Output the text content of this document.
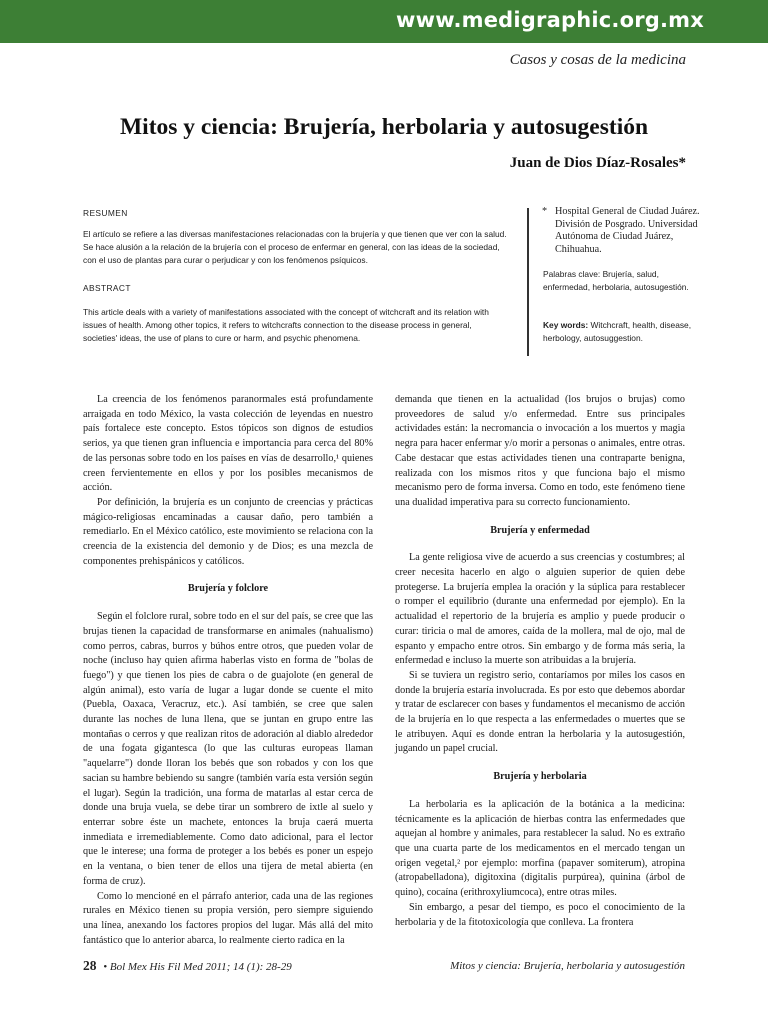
www.medigraphic.org.mx
Casos y cosas de la medicina
Mitos y ciencia: Brujería, herbolaria y autosugestión
Juan de Dios Díaz-Rosales*
RESUMEN
El artículo se refiere a las diversas manifestaciones relacionadas con la brujería y que tienen que ver con la salud. Se hace alusión a la relación de la brujería con el proceso de enfermar en general, con las ideas de la sociedad, con el uso de plantas para curar o perjudicar y con los fenómenos psíquicos.
ABSTRACT
This article deals with a variety of manifestations associated with the concept of witchcraft and its relation with issues of health. Among other topics, it refers to witchcrafts connection to the disease process in general, societies' ideas, the use of plans to cure or harm, and psychic phenomena.
* Hospital General de Ciudad Juárez. División de Posgrado. Universidad Autónoma de Ciudad Juárez, Chihuahua.
Palabras clave: Brujería, salud, enfermedad, herbolaria, autosugestión.
Key words: Witchcraft, health, disease, herbology, autosuggestion.

La creencia de los fenómenos paranormales está profundamente arraigada en todo México, la vasta colección de leyendas en nuestro país fortalece este concepto. Estos tópicos son dignos de estudios serios, ya que tienen gran influencia e importancia para cerca del 80% de las personas sobre todo en los países en vías de desarrollo,¹ quienes creen fervientemente en ellos y por los posibles mecanismos de acción.

Por definición, la brujería es un conjunto de creencias y prácticas mágico-religiosas encaminadas a causar daño, pero también a remediarlo. En el México católico, este movimiento se relaciona con la creencia de la existencia del demonio y de Dios; es una mezcla de componentes prehispánicos y católicos.

Brujería y folclore

Según el folclore rural, sobre todo en el sur del país, se cree que las brujas tienen la capacidad de transformarse en animales (nahualismo) como perros, cabras, burros y búhos entre otros, que pueden volar de noche (incluso hay quien afirma haberlas visto en forma de "bolas de fuego") y que tienen los pies de cabra o de guajolote (en general de algún animal), esto varía de lugar a lugar donde se cuente el mito (Puebla, Oaxaca, Veracruz, etc.). Así también, se cree que salen durante las noches de luna llena, que se juntan en grupo entre las montañas o cerros y que realizan ritos de adoración al diablo alrededor de una fogata gigantesca (lo que las culturas europeas llaman "aquelarre") donde lloran los bebés que son robados y con los que sacian su hambre bebiendo su sangre (también varía esta versión según el lugar). Según la tradición, una forma de matarlas al estar cerca de donde una bruja vuela, se debe tirar un sombrero de ixtle al suelo y enterrar sobre éste un machete, entonces la bruja caerá muerta inmediata e irremediablemente. Como dato adicional, para el lector que le interese; una forma de proteger a los bebés es poner un espejo en la ventana, o bien tener de ellos una tijera de metal abierta (en forma de cruz).

Como lo mencioné en el párrafo anterior, cada una de las regiones rurales en México tienen su propia versión, pero siempre siguiendo una línea, anexando los factores propios del lugar. Más allá del mito fantástico que lo anterior abarca, lo realmente cierto radica en la

demanda que tienen en la actualidad (los brujos o brujas) como proveedores de salud y/o enfermedad. Entre sus principales actividades están: la necromancia o invocación a los muertos y magia negra para hacer enfermar y/o morir a personas o animales, entre otras. Cabe destacar que estas actividades tienen una contraparte benigna, realizada con los mismos ritos y que funciona bajo el mismo mecanismo pero de forma inversa. Como en todo, este fenómeno tiene una dualidad imperativa para su correcto funcionamiento.

Brujería y enfermedad

La gente religiosa vive de acuerdo a sus creencias y costumbres; al creer necesita hacerlo en algo o alguien superior de quien debe protegerse. La brujería emplea la oración y la súplica para restablecer o romper el equilibrio (durante una enfermedad por ejemplo). En la actualidad el repertorio de la brujería es amplio y puede producir o curar: tiricia o mal de amores, caída de la mollera, mal de ojo, mal de espanto y empacho entre otros. Sin embargo y de forma más seria, la enfermedad e incluso la muerte son atribuidas a la brujería.

Si se tuviera un registro serio, contaríamos por miles los casos en donde la brujería estaría involucrada. Es por esto que debemos abordar y tratar de esclarecer con bases y fundamentos el mecanismo de acción de la brujería en lo que respecta a las enfermedades o muertes que se le atribuyen. Aquí es donde entran la herbolaria y la autosugestión, jugando un papel crucial.

Brujería y herbolaria

La herbolaria es la aplicación de la botánica a la medicina: técnicamente es la aplicación de hierbas contra las enfermedades que aquejan al hombre y animales, para restablecer la salud. No es extraño que una cuarta parte de los medicamentos en el mercado tengan un origen vegetal,² por ejemplo: morfina (papaver somiterum), atropina (atropabelladona), digitoxina (digitalis purpúrea), quinina (árbol de quino), cocaína (erithroxyliumcoca), entre otras miles.

Sin embargo, a pesar del tiempo, es poco el conocimiento de la herbolaria y de la fitotoxicología que conlleva. La frontera

28 • Bol Mex His Fil Med 2011; 14 (1): 28-29	Mitos y ciencia: Brujería, herbolaria y autosugestión
